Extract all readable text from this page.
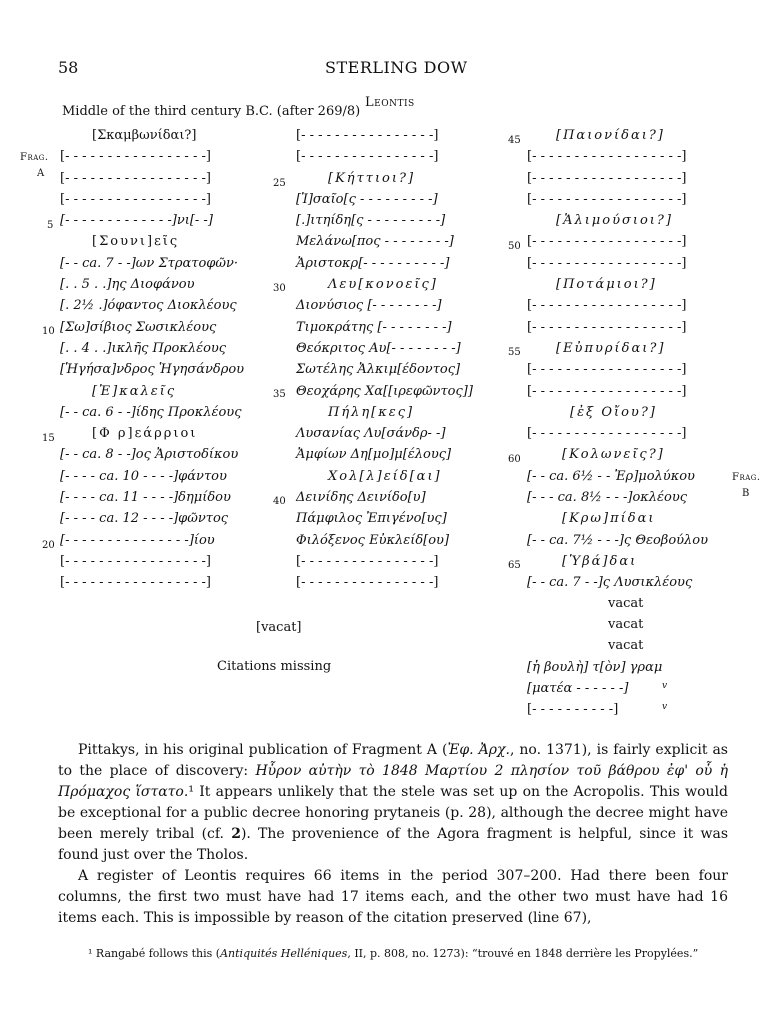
58	STERLING DOW
Middle of the third century B.C. (after 269/8)
Leontis
Frag.
A
Frag.
B
5
10
15
20
25
30
35
40
45
50
55
60
65
[Σκαμβωνίδαι?]
[- - - - - - - - - - - - - - - - -]
[- - - - - - - - - - - - - - - - -]
[- - - - - - - - - - - - - - - - -]
[- - - - - - - - - - - - -]νι[- -]
[Σουνι]εῖς
[- - ca. 7 - -]ων Στρατοφῶν·
[. . 5 . .]ης Διοφάνου
[. 2½ .]όφαντος Διοκλέους
[Σω]σίβιος Σωσικλέους
[. . 4 . .]ικλῆς Προκλέους
[Ἡγήσα]νδρος Ἡγησάνδρου
[Ἐ]καλεῖς
[- - ca. 6 - -]ίδης Προκλέους
[Φ ρ]εάρριοι
[- - ca. 8 - -]ος Ἀριστοδίκου
[- - - - ca. 10 - - - -]φάντου
[- - - - ca. 11 - - - -]δημίδου
[- - - - ca. 12 - - - -]φῶντος
[- - - - - - - - - - - - - - -]ίου
[- - - - - - - - - - - - - - - - -]
[- - - - - - - - - - - - - - - - -]
[vacat]
Citations missing
[- - - - - - - - - - - - - - - -]
[- - - - - - - - - - - - - - - -]
[Κήττιοι?]
[Ἰ]σαῖο[ς - - - - - - - - -]
[.]ιτηίδη[ς - - - - - - - - -]
Μελάνω[πος - - - - - - - -]
Ἀριστοκρ[- - - - - - - - - -]
Λευ[κονοεῖς]
Διονύσιος [- - - - - - - -]
Τιμοκράτης [- - - - - - - -]
Θεόκριτος Αυ[- - - - - - - -]
Σωτέλης Ἀλκιμ[έδοντος]
Θεοχάρης Χα[[ιρεφῶντος]]
Πήλη[κες]
Λυσανίας Λυ[σάνδρ- -]
Ἀμφίων Δη[μο]μ[έλους]
Χολ[λ]είδ[αι]
Δεινίδης Δεινίδο[υ]
Πάμφιλος Ἐπιγένο[υς]
Φιλόξενος Εὐκλείδ[ου]
[- - - - - - - - - - - - - - - -]
[- - - - - - - - - - - - - - - -]
[Παιονίδαι?]
[- - - - - - - - - - - - - - - - - -]
[- - - - - - - - - - - - - - - - - -]
[- - - - - - - - - - - - - - - - - -]
[Ἁλιμούσιοι?]
[- - - - - - - - - - - - - - - - - -]
[- - - - - - - - - - - - - - - - - -]
[Ποτάμιοι?]
[- - - - - - - - - - - - - - - - - -]
[- - - - - - - - - - - - - - - - - -]
[Εὐπυρίδαι?]
[- - - - - - - - - - - - - - - - - -]
[- - - - - - - - - - - - - - - - - -]
[ἐξ Οἴου?]
[- - - - - - - - - - - - - - - - - -]
[Κολωνεῖς?]
[- - ca. 6½ - - Ἐρ]μολύκου
[- - - ca. 8½ - - -]οκλέους
[Κρω]πίδαι
[- - ca. 7½ - - -]ς Θεοβούλου
[Ὑβά]δαι
[- - ca. 7 - -]ς Λυσικλέους
vacat
vacat
vacat
[ἡ βουλὴ] τ[ὸν] γραμ
[ματέα - - - - - -]
[- - - - - - - - - -]
v
v

Pittakys, in his original publication of Fragment A (Ἐφ. Ἀρχ., no. 1371), is fairly explicit as to the place of discovery: Ηὗρον αὐτὴν τὸ 1848 Μαρτίου 2 πλησίον τοῦ βάθρου ἐφ' οὗ ἡ Πρόμαχος ἵστατο.¹ It appears unlikely that the stele was set up on the Acropolis. This would be exceptional for a public decree honoring prytaneis (p. 28), although the decree might have been merely tribal (cf. 2). The provenience of the Agora fragment is helpful, since it was found just over the Tholos.

A register of Leontis requires 66 items in the period 307–200. Had there been four columns, the first two must have had 17 items each, and the other two must have had 16 items each. This is impossible by reason of the citation preserved (line 67),

¹ Rangabé follows this (Antiquités Helléniques, II, p. 808, no. 1273): “trouvé en 1848 derrière les Propylées.”
